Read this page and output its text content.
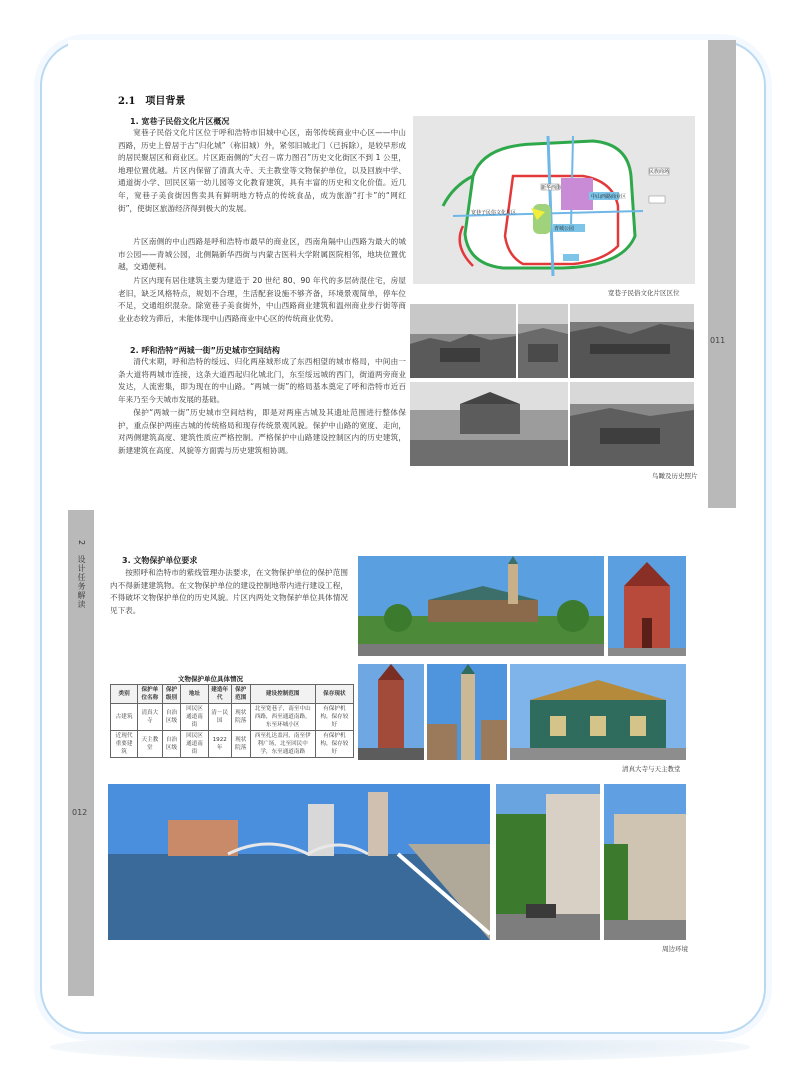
011
2.1　项目背景
1. 宽巷子民俗文化片区概况
宽巷子民俗文化片区位于呼和浩特市旧城中心区，南邻传统商业中心区——中山西路，历史上曾居于古“归化城”（称旧城）外，紧邻旧城北门（已拆除），是较早形成的居民聚居区和商业区。片区距南侧的“大召－席力图召”历史文化街区不到 1 公里，地理位置优越。片区内保留了清真大寺、天主教堂等文物保护单位，以及回族中学、通道街小学、回民区第一幼儿园等文化教育建筑，具有丰富的历史和文化价值。近几年，宽巷子美食街因售卖具有鲜明地方特点的传统食品，成为旅游“打卡”的“网红街”，使街区旅游经济得到极大的发展。
片区南侧的中山西路是呼和浩特市最早的商业区，西南角隔中山西路为最大的城市公园——青城公园，北侧隔新华西街与内蒙古医科大学附属医院相邻，地块位置优越，交通便利。
片区内现有居住建筑主要为建造于 20 世纪 80、90 年代的多层砖混住宅，房屋老旧，缺乏风格特点，规划不合理，生活配套设施不够齐备，环境景观简单，停车位不足，交通组织混杂。除宽巷子美食街外，中山西路商业建筑和温州商业步行街等商业业态较为滞后，未能体现中山西路商业中心区的传统商业优势。
2. 呼和浩特“两城一街”历史城市空间结构
清代末期，呼和浩特的绥远、归化两座城形成了东西相望的城市格局，中间由一条大道将两城市连接，这条大道西起归化城北门，东至绥远城的西门，街道两旁商业发达，人流密集，即为现在的中山路。“两城一街”的格局基本奠定了呼和浩特市近百年来乃至今天城市发展的基础。
保护“两城一街”历史城市空间结构，即是对两座古城及其遗址范围进行整体保护，重点保护两座古城的传统格局和现存传统景观风貌。保护中山路的宽度、走向，对两侧建筑高度、建筑性质应严格控制。严格保护中山路建设控制区内的历史建筑，新建建筑在高度、风貌等方面需与历史建筑相协调。
宽巷子民俗文化片区
中山西路商业区
青城公园
新华西街
民族商场
宽巷子民俗文化片区区位
鸟瞰及历史照片
2　设计任务解读
012
3. 文物保护单位要求
按照呼和浩特市的紫线管理办法要求，在文物保护单位的保护范围内不得新建建筑物。在文物保护单位的建设控制地带内进行建设工程，不得破坏文物保护单位的历史风貌。片区内两处文物保护单位具体情况见下表。
文物保护单位具体情况
类别	保护单位名称	保护级别	地址	建造年代	保护范围	建设控制范围	保存现状
古建筑	清真大寺	自治区级	回民区通道南街	清－民国	现状院落	北至宽巷子，南至中山西路，西至通道南路，东至环城小区	有保护机构，保存较好
近现代重要建筑	天主教堂	自治区级	回民区通道南街	1922 年	现状院落	西至扎达盖河，南至伊利广场，北至回民中学，东至通道南路	有保护机构，保存较好
清真大寺与天主教堂
周边环境
